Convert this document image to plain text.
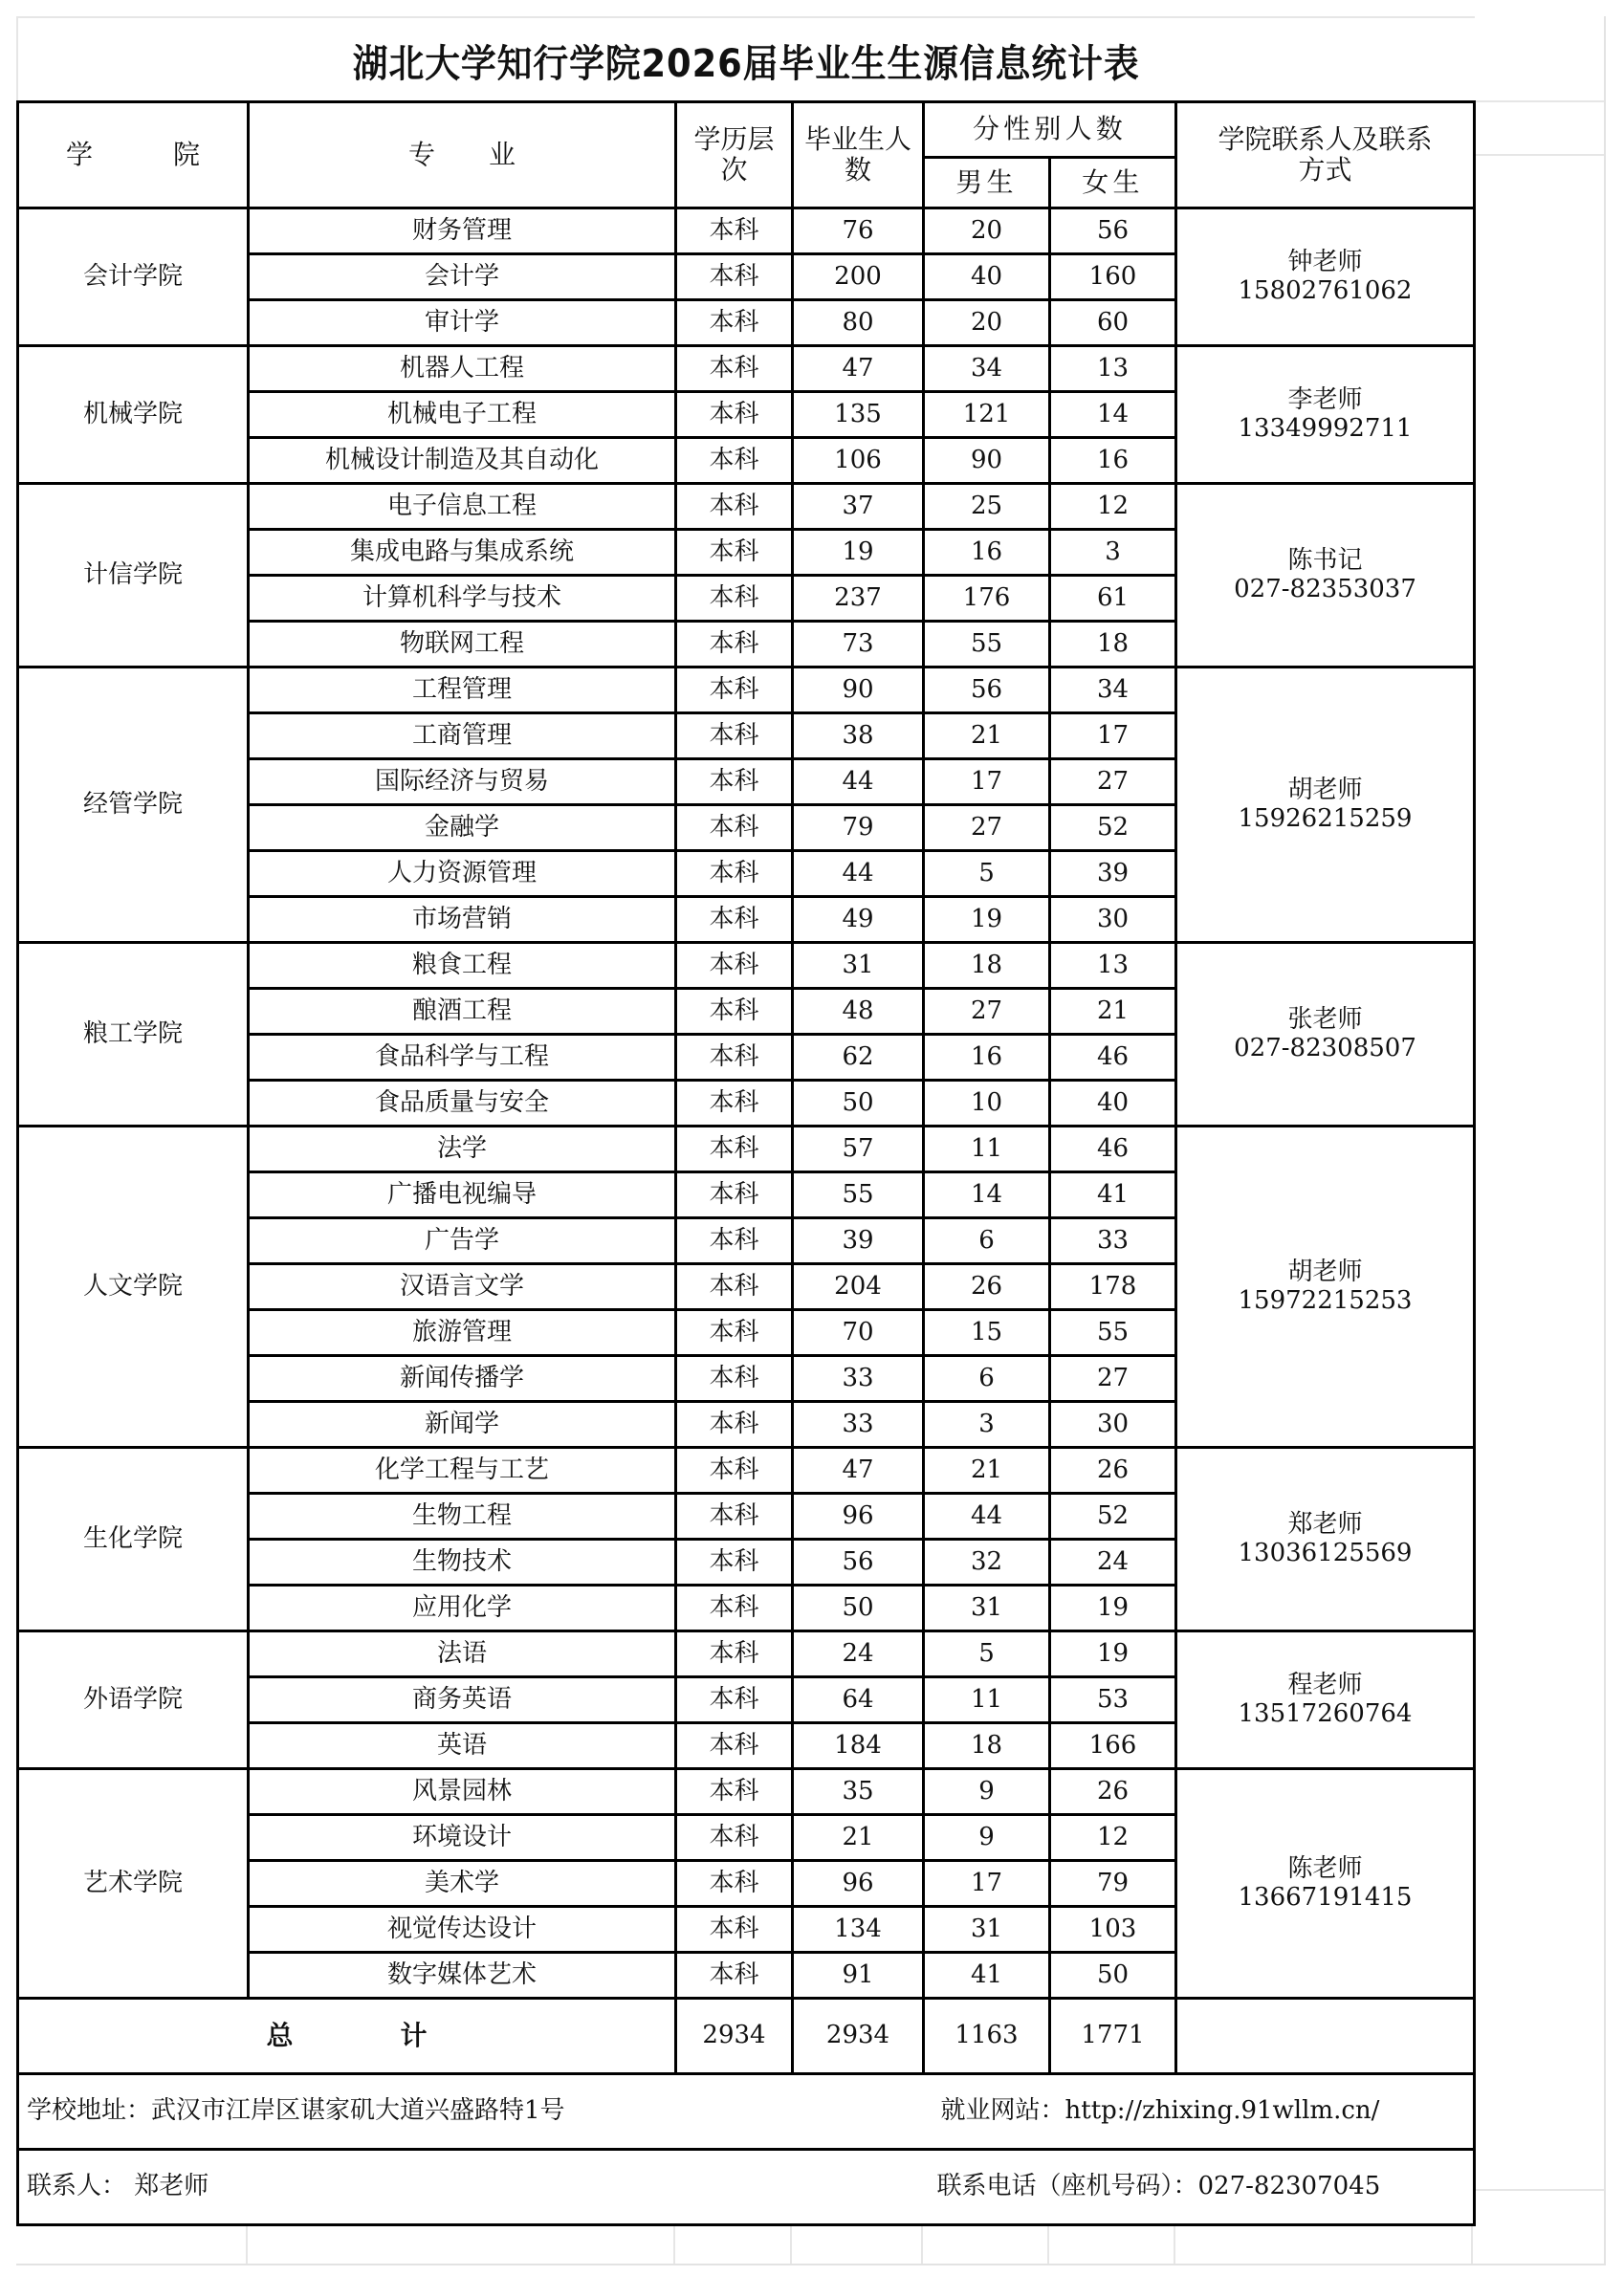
湖北大学知行学院2026届毕业生生源信息统计表
学　　　院	专　　业	学历层次	毕业生人数	分性别人数		学院联系人及联系方式
				男生	女生	
会计学院	财务管理	本科	76	20	56	钟老师
15802761062

	会计学	本科	200	40	160	
	审计学	本科	80	20	60	
机械学院	机器人工程	本科	47	34	13	李老师
13349992711

	机械电子工程	本科	135	121	14	
	机械设计制造及其自动化	本科	106	90	16	
计信学院	电子信息工程	本科	37	25	12	陈书记
027-82353037

	集成电路与集成系统	本科	19	16	3	
	计算机科学与技术	本科	237	176	61	
	物联网工程	本科	73	55	18	
经管学院	工程管理	本科	90	56	34	胡老师
15926215259

	工商管理	本科	38	21	17	
	国际经济与贸易	本科	44	17	27	
	金融学	本科	79	27	52	
	人力资源管理	本科	44	5	39	
	市场营销	本科	49	19	30	
粮工学院	粮食工程	本科	31	18	13	张老师
027-82308507

	酿酒工程	本科	48	27	21	
	食品科学与工程	本科	62	16	46	
	食品质量与安全	本科	50	10	40	
人文学院	法学	本科	57	11	46	胡老师
15972215253

	广播电视编导	本科	55	14	41	
	广告学	本科	39	6	33	
	汉语言文学	本科	204	26	178	
	旅游管理	本科	70	15	55	
	新闻传播学	本科	33	6	27	
	新闻学	本科	33	3	30	
生化学院	化学工程与工艺	本科	47	21	26	郑老师
13036125569

	生物工程	本科	96	44	52	
	生物技术	本科	56	32	24	
	应用化学	本科	50	31	19	
外语学院	法语	本科	24	5	19	程老师
13517260764

	商务英语	本科	64	11	53	
	英语	本科	184	18	166	
艺术学院	风景园林	本科	35	9	26	陈老师
13667191415

	环境设计	本科	21	9	12	
	美术学	本科	96	17	79	
	视觉传达设计	本科	134	31	103	
	数字媒体艺术	本科	91	41	50	
总　　　　计		2934	2934	1163	1771	
学校地址：武汉市江岸区谌家矶大道兴盛路特1号				就业网站：http://zhixing.91wllm.cn/		
联系人： 郑老师				联系电话（座机号码）：027-82307045		
